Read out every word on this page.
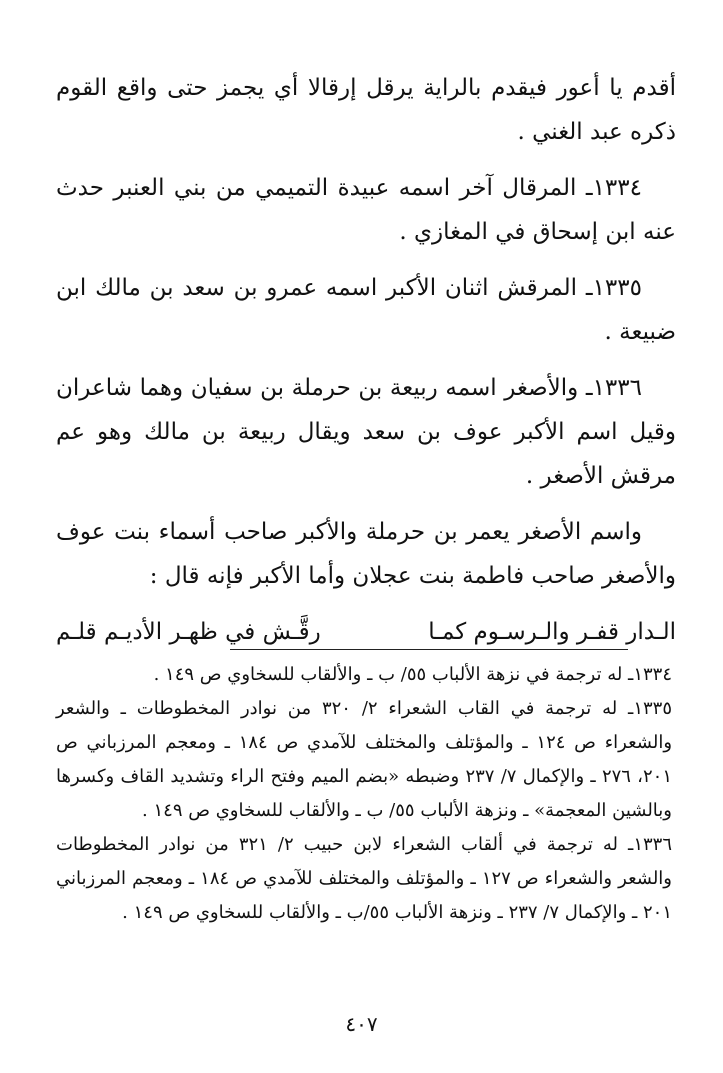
أقدم يا أعور فيقدم بالراية يرقل إرقالا أي يجمز حتى واقع القوم ذكره عبد الغني .

١٣٣٤ـ المرقال آخر اسمه عبيدة التميمي من بني العنبر حدث عنه ابن إسحاق في المغازي .

١٣٣٥ـ المرقش اثنان الأكبر اسمه عمرو بن سعد بن مالك ابن ضبيعة .

١٣٣٦ـ والأصغر اسمه ربيعة بن حرملة بن سفيان وهما شاعران وقيل اسم الأكبر عوف بن سعد ويقال ربيعة بن مالك وهو عم مرقش الأصغر .

واسم الأصغر يعمر بن حرملة والأكبر صاحب أسماء بنت عوف والأصغر صاحب فاطمة بنت عجلان وأما الأكبر فإنه قال :

الـدار قفـر والـرسـوم كمـا
رقَّـش في ظهـر الأديـم قلـم

١٣٣٤ـ له ترجمة في نزهة الألباب ٥٥/ ب ـ والألقاب للسخاوي ص ١٤٩ .

١٣٣٥ـ له ترجمة في القاب الشعراء ٢/ ٣٢٠ من نوادر المخطوطات ـ والشعر والشعراء ص ١٢٤ ـ والمؤتلف والمختلف للآمدي ص ١٨٤ ـ ومعجم المرزباني ص ٢٠١، ٢٧٦ ـ والإكمال ٧/ ٢٣٧ وضبطه «بضم الميم وفتح الراء وتشديد القاف وكسرها وبالشين المعجمة» ـ ونزهة الألباب ٥٥/ ب ـ والألقاب للسخاوي ص ١٤٩ .

١٣٣٦ـ له ترجمة في ألقاب الشعراء لابن حبيب ٢/ ٣٢١ من نوادر المخطوطات والشعر والشعراء ص ١٢٧ ـ والمؤتلف والمختلف للآمدي ص ١٨٤ ـ ومعجم المرزباني ٢٠١ ـ والإكمال ٧/ ٢٣٧ ـ ونزهة الألباب ٥٥/ب ـ والألقاب للسخاوي ص ١٤٩ .

٤٠٧
